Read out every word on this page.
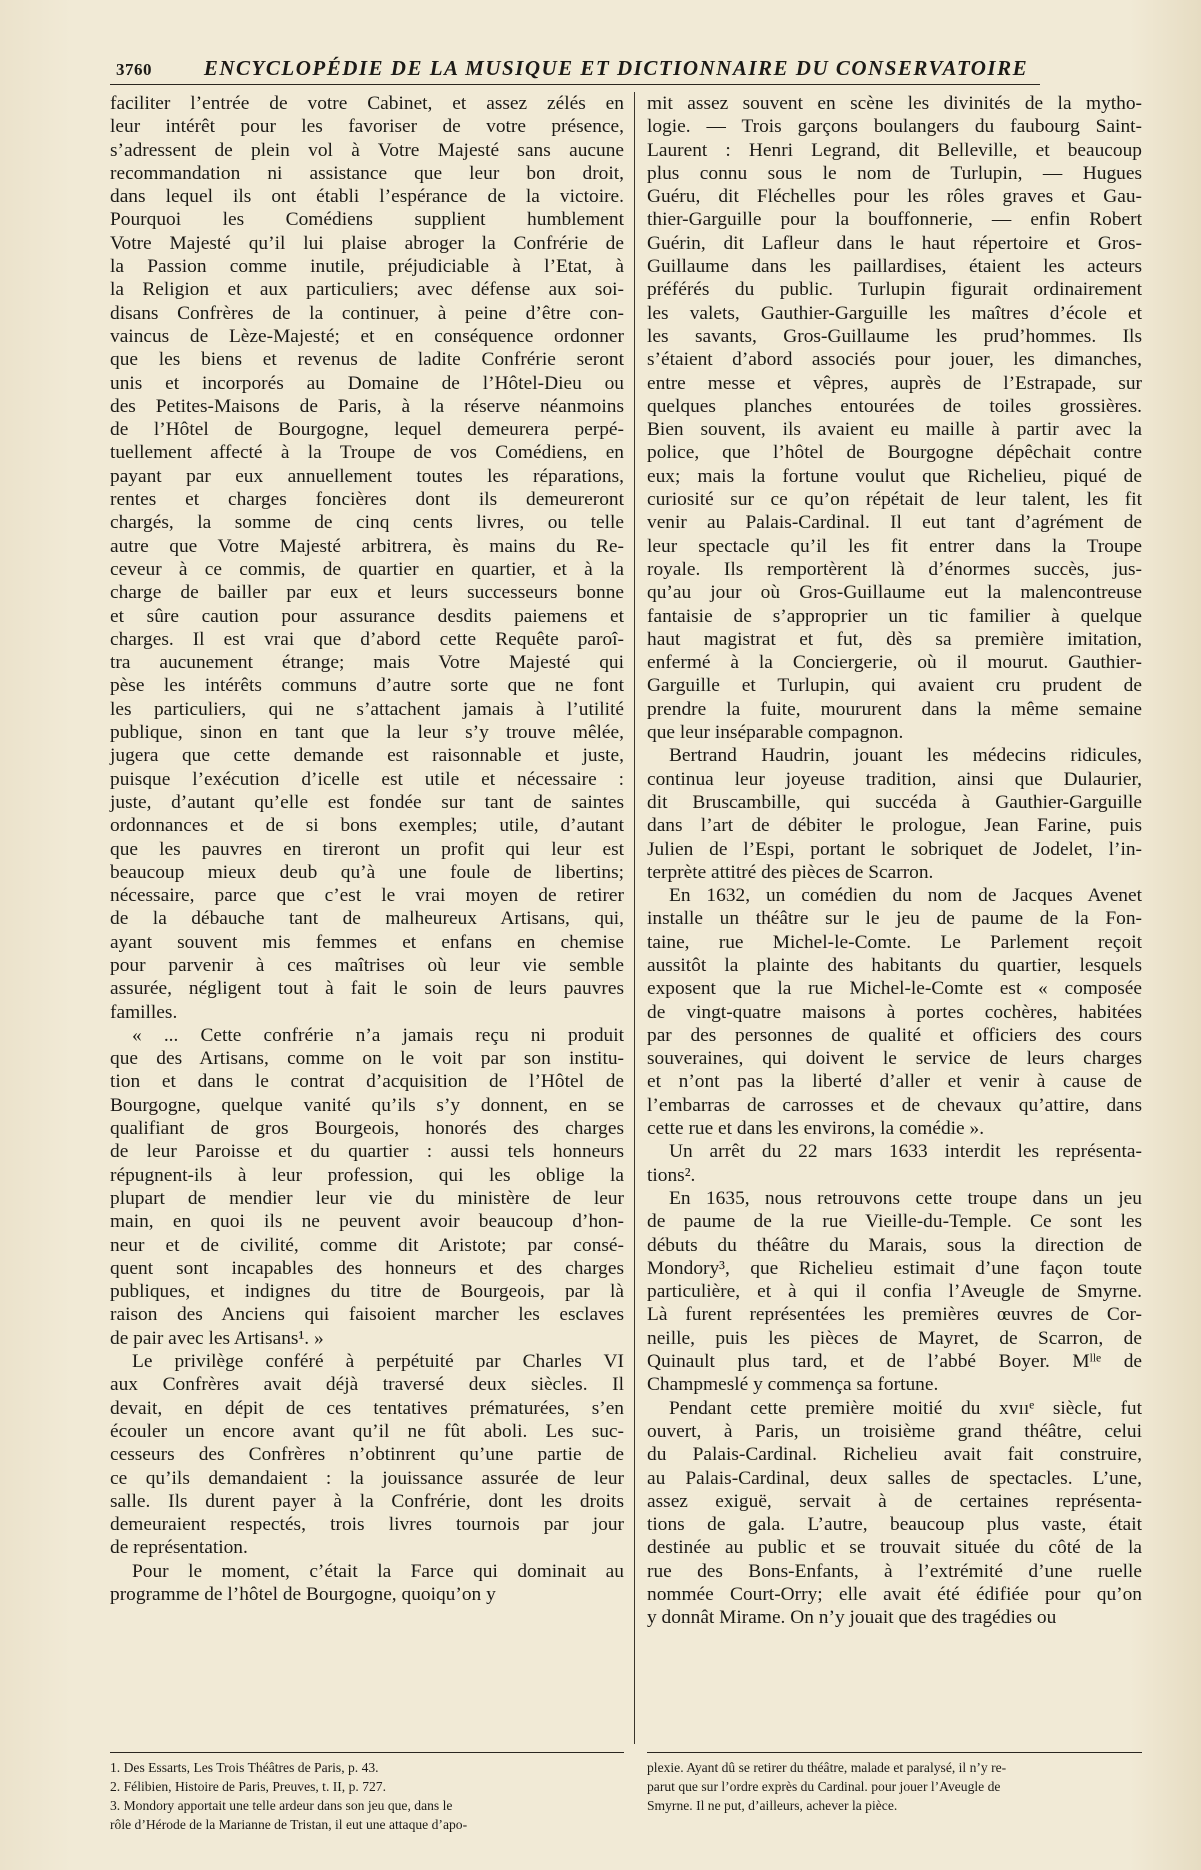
3760	ENCYCLOPÉDIE DE LA MUSIQUE ET DICTIONNAIRE DU CONSERVATOIRE
faciliter l’entrée de votre Cabinet, et assez zélés en
leur intérêt pour les favoriser de votre présence,
s’adressent de plein vol à Votre Majesté sans aucune
recommandation ni assistance que leur bon droit,
dans lequel ils ont établi l’espérance de la victoire.
Pourquoi les Comédiens supplient humblement
Votre Majesté qu’il lui plaise abroger la Confrérie de
la Passion comme inutile, préjudiciable à l’Etat, à
la Religion et aux particuliers; avec défense aux soi-
disans Confrères de la continuer, à peine d’être con-
vaincus de Lèze-Majesté; et en conséquence ordonner
que les biens et revenus de ladite Confrérie seront
unis et incorporés au Domaine de l’Hôtel-Dieu ou
des Petites-Maisons de Paris, à la réserve néanmoins
de l’Hôtel de Bourgogne, lequel demeurera perpé-
tuellement affecté à la Troupe de vos Comédiens, en
payant par eux annuellement toutes les réparations,
rentes et charges foncières dont ils demeureront
chargés, la somme de cinq cents livres, ou telle
autre que Votre Majesté arbitrera, ès mains du Re-
ceveur à ce commis, de quartier en quartier, et à la
charge de bailler par eux et leurs successeurs bonne
et sûre caution pour assurance desdits paiemens et
charges. Il est vrai que d’abord cette Requête paroî-
tra aucunement étrange; mais Votre Majesté qui
pèse les intérêts communs d’autre sorte que ne font
les particuliers, qui ne s’attachent jamais à l’utilité
publique, sinon en tant que la leur s’y trouve mêlée,
jugera que cette demande est raisonnable et juste,
puisque l’exécution d’icelle est utile et nécessaire :
juste, d’autant qu’elle est fondée sur tant de saintes
ordonnances et de si bons exemples; utile, d’autant
que les pauvres en tireront un profit qui leur est
beaucoup mieux deub qu’à une foule de libertins;
nécessaire, parce que c’est le vrai moyen de retirer
de la débauche tant de malheureux Artisans, qui,
ayant souvent mis femmes et enfans en chemise
pour parvenir à ces maîtrises où leur vie semble
assurée, négligent tout à fait le soin de leurs pauvres
familles.
« ... Cette confrérie n’a jamais reçu ni produit
que des Artisans, comme on le voit par son institu-
tion et dans le contrat d’acquisition de l’Hôtel de
Bourgogne, quelque vanité qu’ils s’y donnent, en se
qualifiant de gros Bourgeois, honorés des charges
de leur Paroisse et du quartier : aussi tels honneurs
répugnent-ils à leur profession, qui les oblige la
plupart de mendier leur vie du ministère de leur
main, en quoi ils ne peuvent avoir beaucoup d’hon-
neur et de civilité, comme dit Aristote; par consé-
quent sont incapables des honneurs et des charges
publiques, et indignes du titre de Bourgeois, par là
raison des Anciens qui faisoient marcher les esclaves
de pair avec les Artisans¹. »
Le privilège conféré à perpétuité par Charles VI
aux Confrères avait déjà traversé deux siècles. Il
devait, en dépit de ces tentatives prématurées, s’en
écouler un encore avant qu’il ne fût aboli. Les suc-
cesseurs des Confrères n’obtinrent qu’une partie de
ce qu’ils demandaient : la jouissance assurée de leur
salle. Ils durent payer à la Confrérie, dont les droits
demeuraient respectés, trois livres tournois par jour
de représentation.
Pour le moment, c’était la Farce qui dominait au
programme de l’hôtel de Bourgogne, quoiqu’on y
mit assez souvent en scène les divinités de la mytho-
logie. — Trois garçons boulangers du faubourg Saint-
Laurent : Henri Legrand, dit Belleville, et beaucoup
plus connu sous le nom de Turlupin, — Hugues
Guéru, dit Fléchelles pour les rôles graves et Gau-
thier-Garguille pour la bouffonnerie, — enfin Robert
Guérin, dit Lafleur dans le haut répertoire et Gros-
Guillaume dans les paillardises, étaient les acteurs
préférés du public. Turlupin figurait ordinairement
les valets, Gauthier-Garguille les maîtres d’école et
les savants, Gros-Guillaume les prud’hommes. Ils
s’étaient d’abord associés pour jouer, les dimanches,
entre messe et vêpres, auprès de l’Estrapade, sur
quelques planches entourées de toiles grossières.
Bien souvent, ils avaient eu maille à partir avec la
police, que l’hôtel de Bourgogne dépêchait contre
eux; mais la fortune voulut que Richelieu, piqué de
curiosité sur ce qu’on répétait de leur talent, les fit
venir au Palais-Cardinal. Il eut tant d’agrément de
leur spectacle qu’il les fit entrer dans la Troupe
royale. Ils remportèrent là d’énormes succès, jus-
qu’au jour où Gros-Guillaume eut la malencontreuse
fantaisie de s’approprier un tic familier à quelque
haut magistrat et fut, dès sa première imitation,
enfermé à la Conciergerie, où il mourut. Gauthier-
Garguille et Turlupin, qui avaient cru prudent de
prendre la fuite, moururent dans la même semaine
que leur inséparable compagnon.
Bertrand Haudrin, jouant les médecins ridicules,
continua leur joyeuse tradition, ainsi que Dulaurier,
dit Bruscambille, qui succéda à Gauthier-Garguille
dans l’art de débiter le prologue, Jean Farine, puis
Julien de l’Espi, portant le sobriquet de Jodelet, l’in-
terprète attitré des pièces de Scarron.
En 1632, un comédien du nom de Jacques Avenet
installe un théâtre sur le jeu de paume de la Fon-
taine, rue Michel-le-Comte. Le Parlement reçoit
aussitôt la plainte des habitants du quartier, lesquels
exposent que la rue Michel-le-Comte est « composée
de vingt-quatre maisons à portes cochères, habitées
par des personnes de qualité et officiers des cours
souveraines, qui doivent le service de leurs charges
et n’ont pas la liberté d’aller et venir à cause de
l’embarras de carrosses et de chevaux qu’attire, dans
cette rue et dans les environs, la comédie ».
Un arrêt du 22 mars 1633 interdit les représenta-
tions².
En 1635, nous retrouvons cette troupe dans un jeu
de paume de la rue Vieille-du-Temple. Ce sont les
débuts du théâtre du Marais, sous la direction de
Mondory³, que Richelieu estimait d’une façon toute
particulière, et à qui il confia l’Aveugle de Smyrne.
Là furent représentées les premières œuvres de Cor-
neille, puis les pièces de Mayret, de Scarron, de
Quinault plus tard, et de l’abbé Boyer. Mˡˡᵉ de
Champmeslé y commença sa fortune.
Pendant cette première moitié du xvııᵉ siècle, fut
ouvert, à Paris, un troisième grand théâtre, celui
du Palais-Cardinal. Richelieu avait fait construire,
au Palais-Cardinal, deux salles de spectacles. L’une,
assez exiguë, servait à de certaines représenta-
tions de gala. L’autre, beaucoup plus vaste, était
destinée au public et se trouvait située du côté de la
rue des Bons-Enfants, à l’extrémité d’une ruelle
nommée Court-Orry; elle avait été édifiée pour qu’on
y donnât Mirame. On n’y jouait que des tragédies ou
1. Des Essarts, Les Trois Théâtres de Paris, p. 43.
2. Félibien, Histoire de Paris, Preuves, t. II, p. 727.
3. Mondory apportait une telle ardeur dans son jeu que, dans le
rôle d’Hérode de la Marianne de Tristan, il eut une attaque d’apo-
plexie. Ayant dû se retirer du théâtre, malade et paralysé, il n’y re-
parut que sur l’ordre exprès du Cardinal. pour jouer l’Aveugle de
Smyrne. Il ne put, d’ailleurs, achever la pièce.
